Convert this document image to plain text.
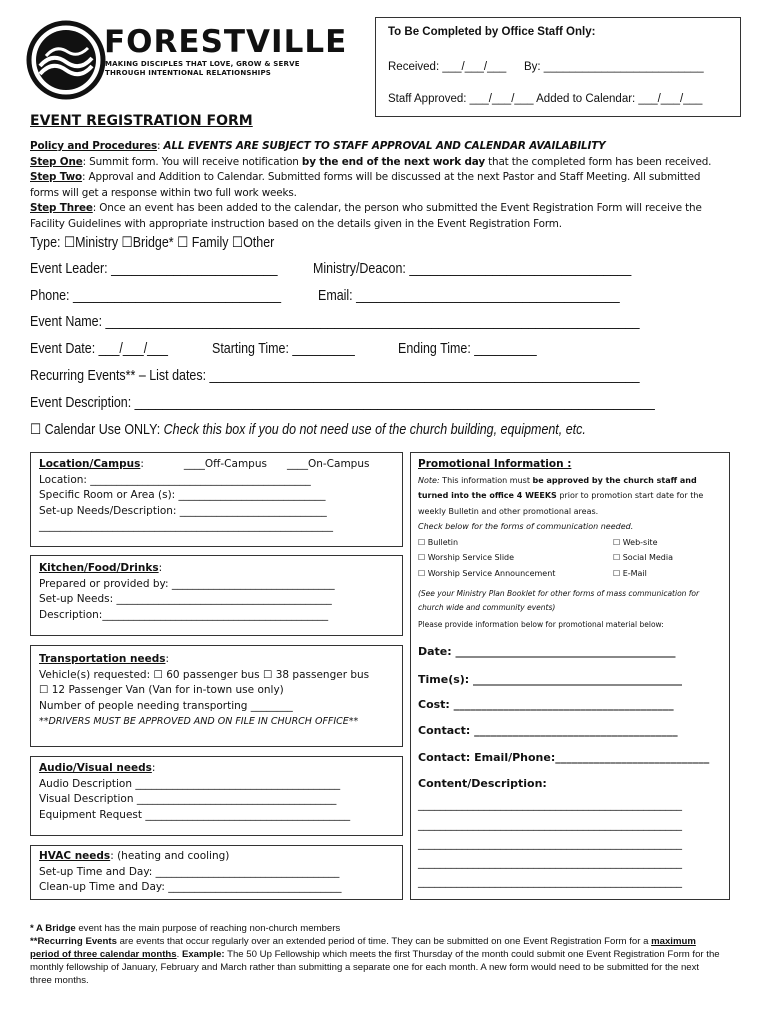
FORESTVILLE
MAKING DISCIPLES THAT LOVE, GROW & SERVE
THROUGH INTENTIONAL RELATIONSHIPS
To Be Completed by Office Staff Only:
Received: ___/___/___ By: _________________________
Staff Approved: ___/___/___ Added to Calendar: ___/___/___
EVENT REGISTRATION FORM
Policy and Procedures: ALL EVENTS ARE SUBJECT TO STAFF APPROVAL AND CALENDAR AVAILABILITY
Step One: Summit form. You will receive notification by the end of the next work day that the completed form has been received.
Step Two: Approval and Addition to Calendar. Submitted forms will be discussed at the next Pastor and Staff Meeting. All submitted forms will get a response within two full work weeks.
Step Three: Once an event has been added to the calendar, the person who submitted the Event Registration Form will receive the Facility Guidelines with appropriate instruction based on the details given in the Event Registration Form.
Type: ☐Ministry ☐Bridge* ☐ Family ☐Other
Event Leader: ________________________ Ministry/Deacon: ________________________________
Phone: ______________________________	Email: ______________________________________
Event Name: _____________________________________________________________________________
Event Date: ___/___/___	Starting Time: _________	Ending Time: _________
Recurring Events** – List dates: ______________________________________________________________
Event Description: ___________________________________________________________________________
☐ Calendar Use ONLY: Check this box if you do not need use of the church building, equipment, etc.
Location/Campus:	____Off-Campus ____On-Campus
Location: __________________________________________
Specific Room or Area (s): ____________________________
Set-up Needs/Description: ____________________________
________________________________________________________
Kitchen/Food/Drinks:
Prepared or provided by: _______________________________
Set-up Needs: _________________________________________
Description:___________________________________________
Transportation needs:
Vehicle(s) requested: ☐ 60 passenger bus ☐ 38 passenger bus
☐ 12 Passenger Van (Van for in-town use only)
Number of people needing transporting ________
**DRIVERS MUST BE APPROVED AND ON FILE IN CHURCH OFFICE**
Audio/Visual needs:
Audio Description _______________________________________
Visual Description ______________________________________
Equipment Request _______________________________________
HVAC needs: (heating and cooling)
Set-up Time and Day: ___________________________________
Clean-up Time and Day: _________________________________
Promotional Information :
Note: This information must be approved by the church staff and turned into the office 4 WEEKS prior to promotion start date for the weekly Bulletin and other promotional areas.
Check below for the forms of communication needed.
☐ Bulletin	☐ Web-site
☐ Worship Service Slide	☐ Social Media
☐ Worship Service Announcement	☐ E-Mail
(See your Ministry Plan Booklet for other forms of mass communication for church wide and community events)
Please provide information below for promotional material below:
Date: ________________________________________
Time(s): ______________________________________
Cost: ________________________________________
Contact: _____________________________________
Contact: Email/Phone:____________________________
Content/Description:
________________________________________________
________________________________________________
________________________________________________
________________________________________________
________________________________________________
* A Bridge event has the main purpose of reaching non-church members
**Recurring Events are events that occur regularly over an extended period of time. They can be submitted on one Event Registration Form for a maximum period of three calendar months. Example: The 50 Up Fellowship which meets the first Thursday of the month could submit one Event Registration Form for the monthly fellowship of January, February and March rather than submitting a separate one for each month. A new form would need to be submitted for the next three months.
